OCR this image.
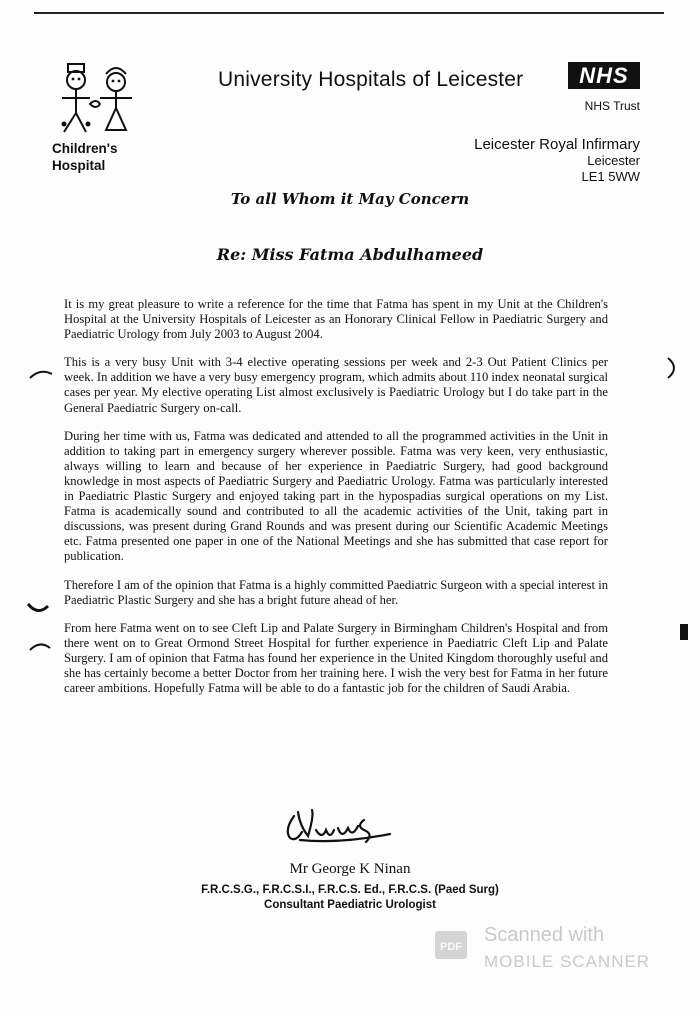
Children's
Hospital
University Hospitals of Leicester	NHS
NHS Trust
Leicester Royal Infirmary
Leicester
LE1 5WW
To all Whom it May Concern
Re: Miss Fatma Abdulhameed

It is my great pleasure to write a reference for the time that Fatma has spent in my Unit at the Children's Hospital at the University Hospitals of Leicester as an Honorary Clinical Fellow in Paediatric Surgery and Paediatric Urology from July 2003 to August 2004.

This is a very busy Unit with 3-4 elective operating sessions per week and 2-3 Out Patient Clinics per week. In addition we have a very busy emergency program, which admits about 110 index neonatal surgical cases per year. My elective operating List almost exclusively is Paediatric Urology but I do take part in the General Paediatric Surgery on-call.

During her time with us, Fatma was dedicated and attended to all the programmed activities in the Unit in addition to taking part in emergency surgery wherever possible. Fatma was very keen, very enthusiastic, always willing to learn and because of her experience in Paediatric Surgery, had good background knowledge in most aspects of Paediatric Surgery and Paediatric Urology. Fatma was particularly interested in Paediatric Plastic Surgery and enjoyed taking part in the hypospadias surgical operations on my List. Fatma is academically sound and contributed to all the academic activities of the Unit, taking part in discussions, was present during Grand Rounds and was present during our Scientific Academic Meetings etc. Fatma presented one paper in one of the National Meetings and she has submitted that case report for publication.

Therefore I am of the opinion that Fatma is a highly committed Paediatric Surgeon with a special interest in Paediatric Plastic Surgery and she has a bright future ahead of her.

From here Fatma went on to see Cleft Lip and Palate Surgery in Birmingham Children's Hospital and from there went on to Great Ormond Street Hospital for further experience in Paediatric Cleft Lip and Palate Surgery. I am of opinion that Fatma has found her experience in the United Kingdom thoroughly useful and she has certainly become a better Doctor from her training here. I wish the very best for Fatma in her future career ambitions. Hopefully Fatma will be able to do a fantastic job for the children of Saudi Arabia.

Mr George K Ninan
F.R.C.S.G., F.R.C.S.I., F.R.C.S. Ed., F.R.C.S. (Paed Surg)
Consultant Paediatric Urologist
PDF
Scanned with
MOBILE SCANNER
